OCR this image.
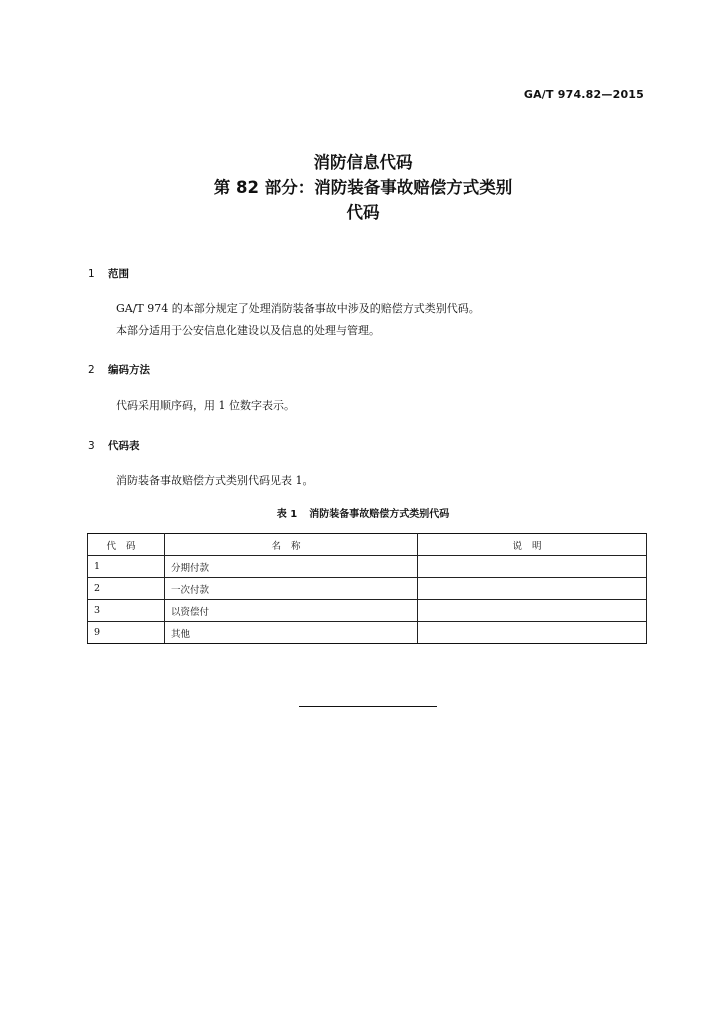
GA/T 974.82—2015
消防信息代码
第 82 部分：消防装备事故赔偿方式类别
代码
1 范围
GA/T 974 的本部分规定了处理消防装备事故中涉及的赔偿方式类别代码。
本部分适用于公安信息化建设以及信息的处理与管理。
2 编码方法
代码采用顺序码，用 1 位数字表示。
3 代码表
消防装备事故赔偿方式类别代码见表 1。
表 1 消防装备事故赔偿方式类别代码
代码	名称	说明
1	分期付款	
2	一次付款	
3	以资偿付	
9	其他	
